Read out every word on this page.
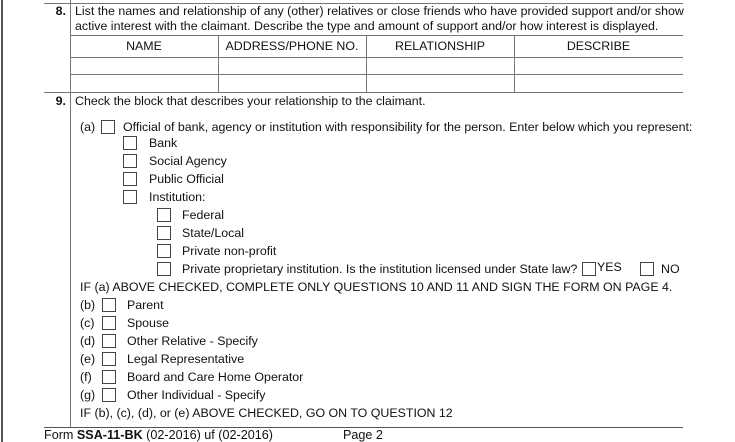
8. List the names and relationship of any (other) relatives or close friends who have provided support and/or show
active interest with the claimant. Describe the type and amount of support and/or how interest is displayed.
NAME	ADDRESS/PHONE NO.	RELATIONSHIP	DESCRIBE
9. Check the block that describes your relationship to the claimant.
(a) Official of bank, agency or institution with responsibility for the person. Enter below which you represent:
Bank
Social Agency
Public Official
Institution:
Federal
State/Local
Private non-profit
Private proprietary institution. Is the institution licensed under State law? YES	NO
IF (a) ABOVE CHECKED, COMPLETE ONLY QUESTIONS 10 AND 11 AND SIGN THE FORM ON PAGE 4.
(b)	Parent
(c)	Spouse
(d)	Other Relative - Specify
(e)	Legal Representative
(f)	Board and Care Home Operator
(g)	Other Individual - Specify
IF (b), (c), (d), or (e) ABOVE CHECKED, GO ON TO QUESTION 12
Form SSA-11-BK (02-2016) uf (02-2016)	Page 2
